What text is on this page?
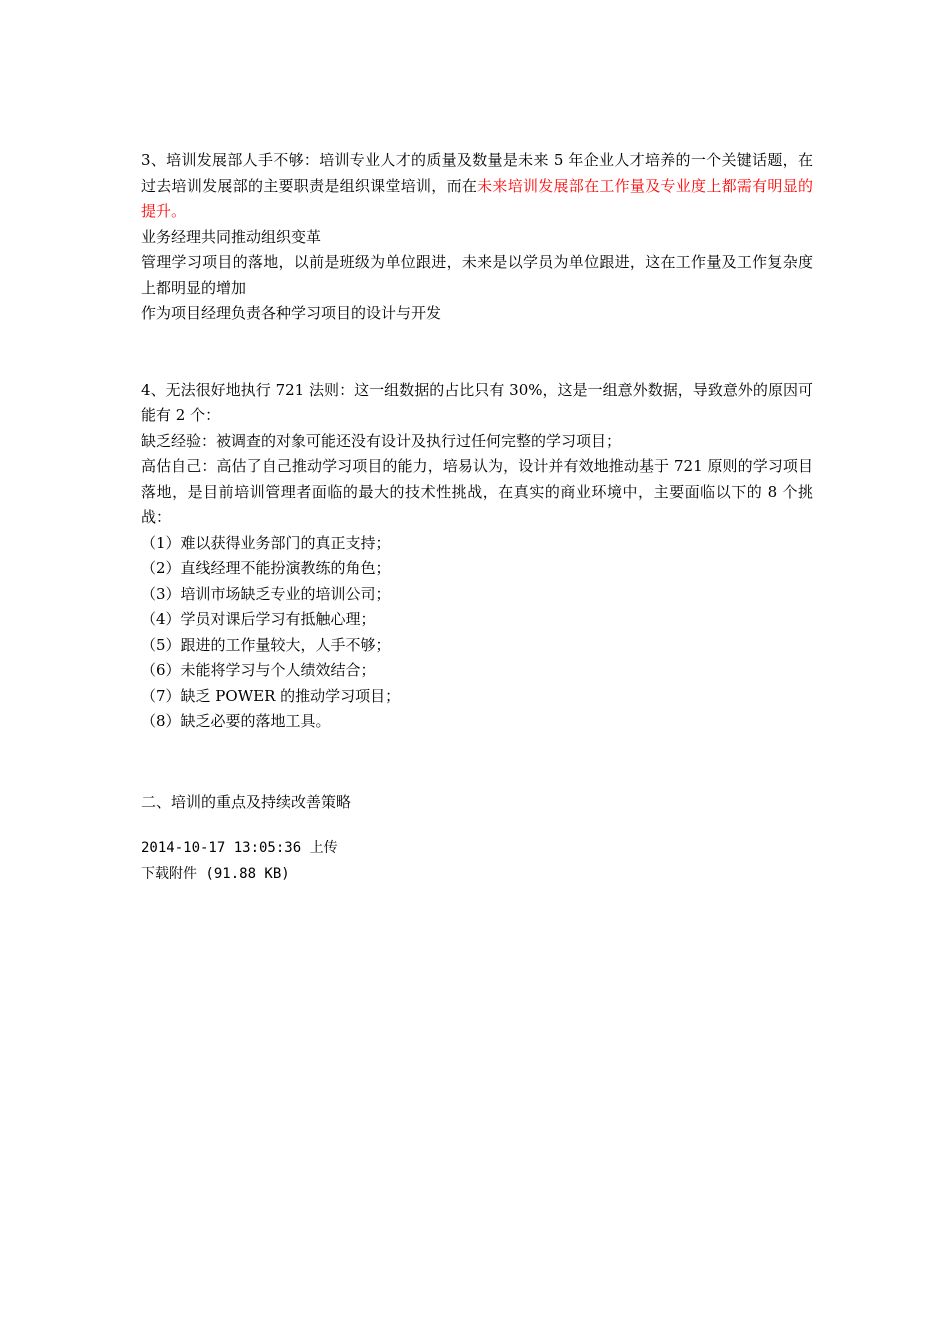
3、培训发展部人手不够：培训专业人才的质量及数量是未来 5 年企业人才培养的一个关键话题，在过去培训发展部的主要职责是组织课堂培训，而在未来培训发展部在工作量及专业度上都需有明显的提升。

业务经理共同推动组织变革

管理学习项目的落地，以前是班级为单位跟进，未来是以学员为单位跟进，这在工作量及工作复杂度上都明显的增加

作为项目经理负责各种学习项目的设计与开发

4、无法很好地执行 721 法则：这一组数据的占比只有 30%，这是一组意外数据，导致意外的原因可能有 2 个：

缺乏经验：被调查的对象可能还没有设计及执行过任何完整的学习项目；

高估自己：高估了自己推动学习项目的能力，培易认为，设计并有效地推动基于 721 原则的学习项目落地，是目前培训管理者面临的最大的技术性挑战，在真实的商业环境中，主要面临以下的 8 个挑战：

（1）难以获得业务部门的真正支持；

（2）直线经理不能扮演教练的角色；

（3）培训市场缺乏专业的培训公司；

（4）学员对课后学习有抵触心理；

（5）跟进的工作量较大，人手不够；

（6）未能将学习与个人绩效结合；

（7）缺乏 POWER 的推动学习项目；

（8）缺乏必要的落地工具。

二、培训的重点及持续改善策略

2014-10-17 13:05:36 上传

下载附件 (91.88 KB)
